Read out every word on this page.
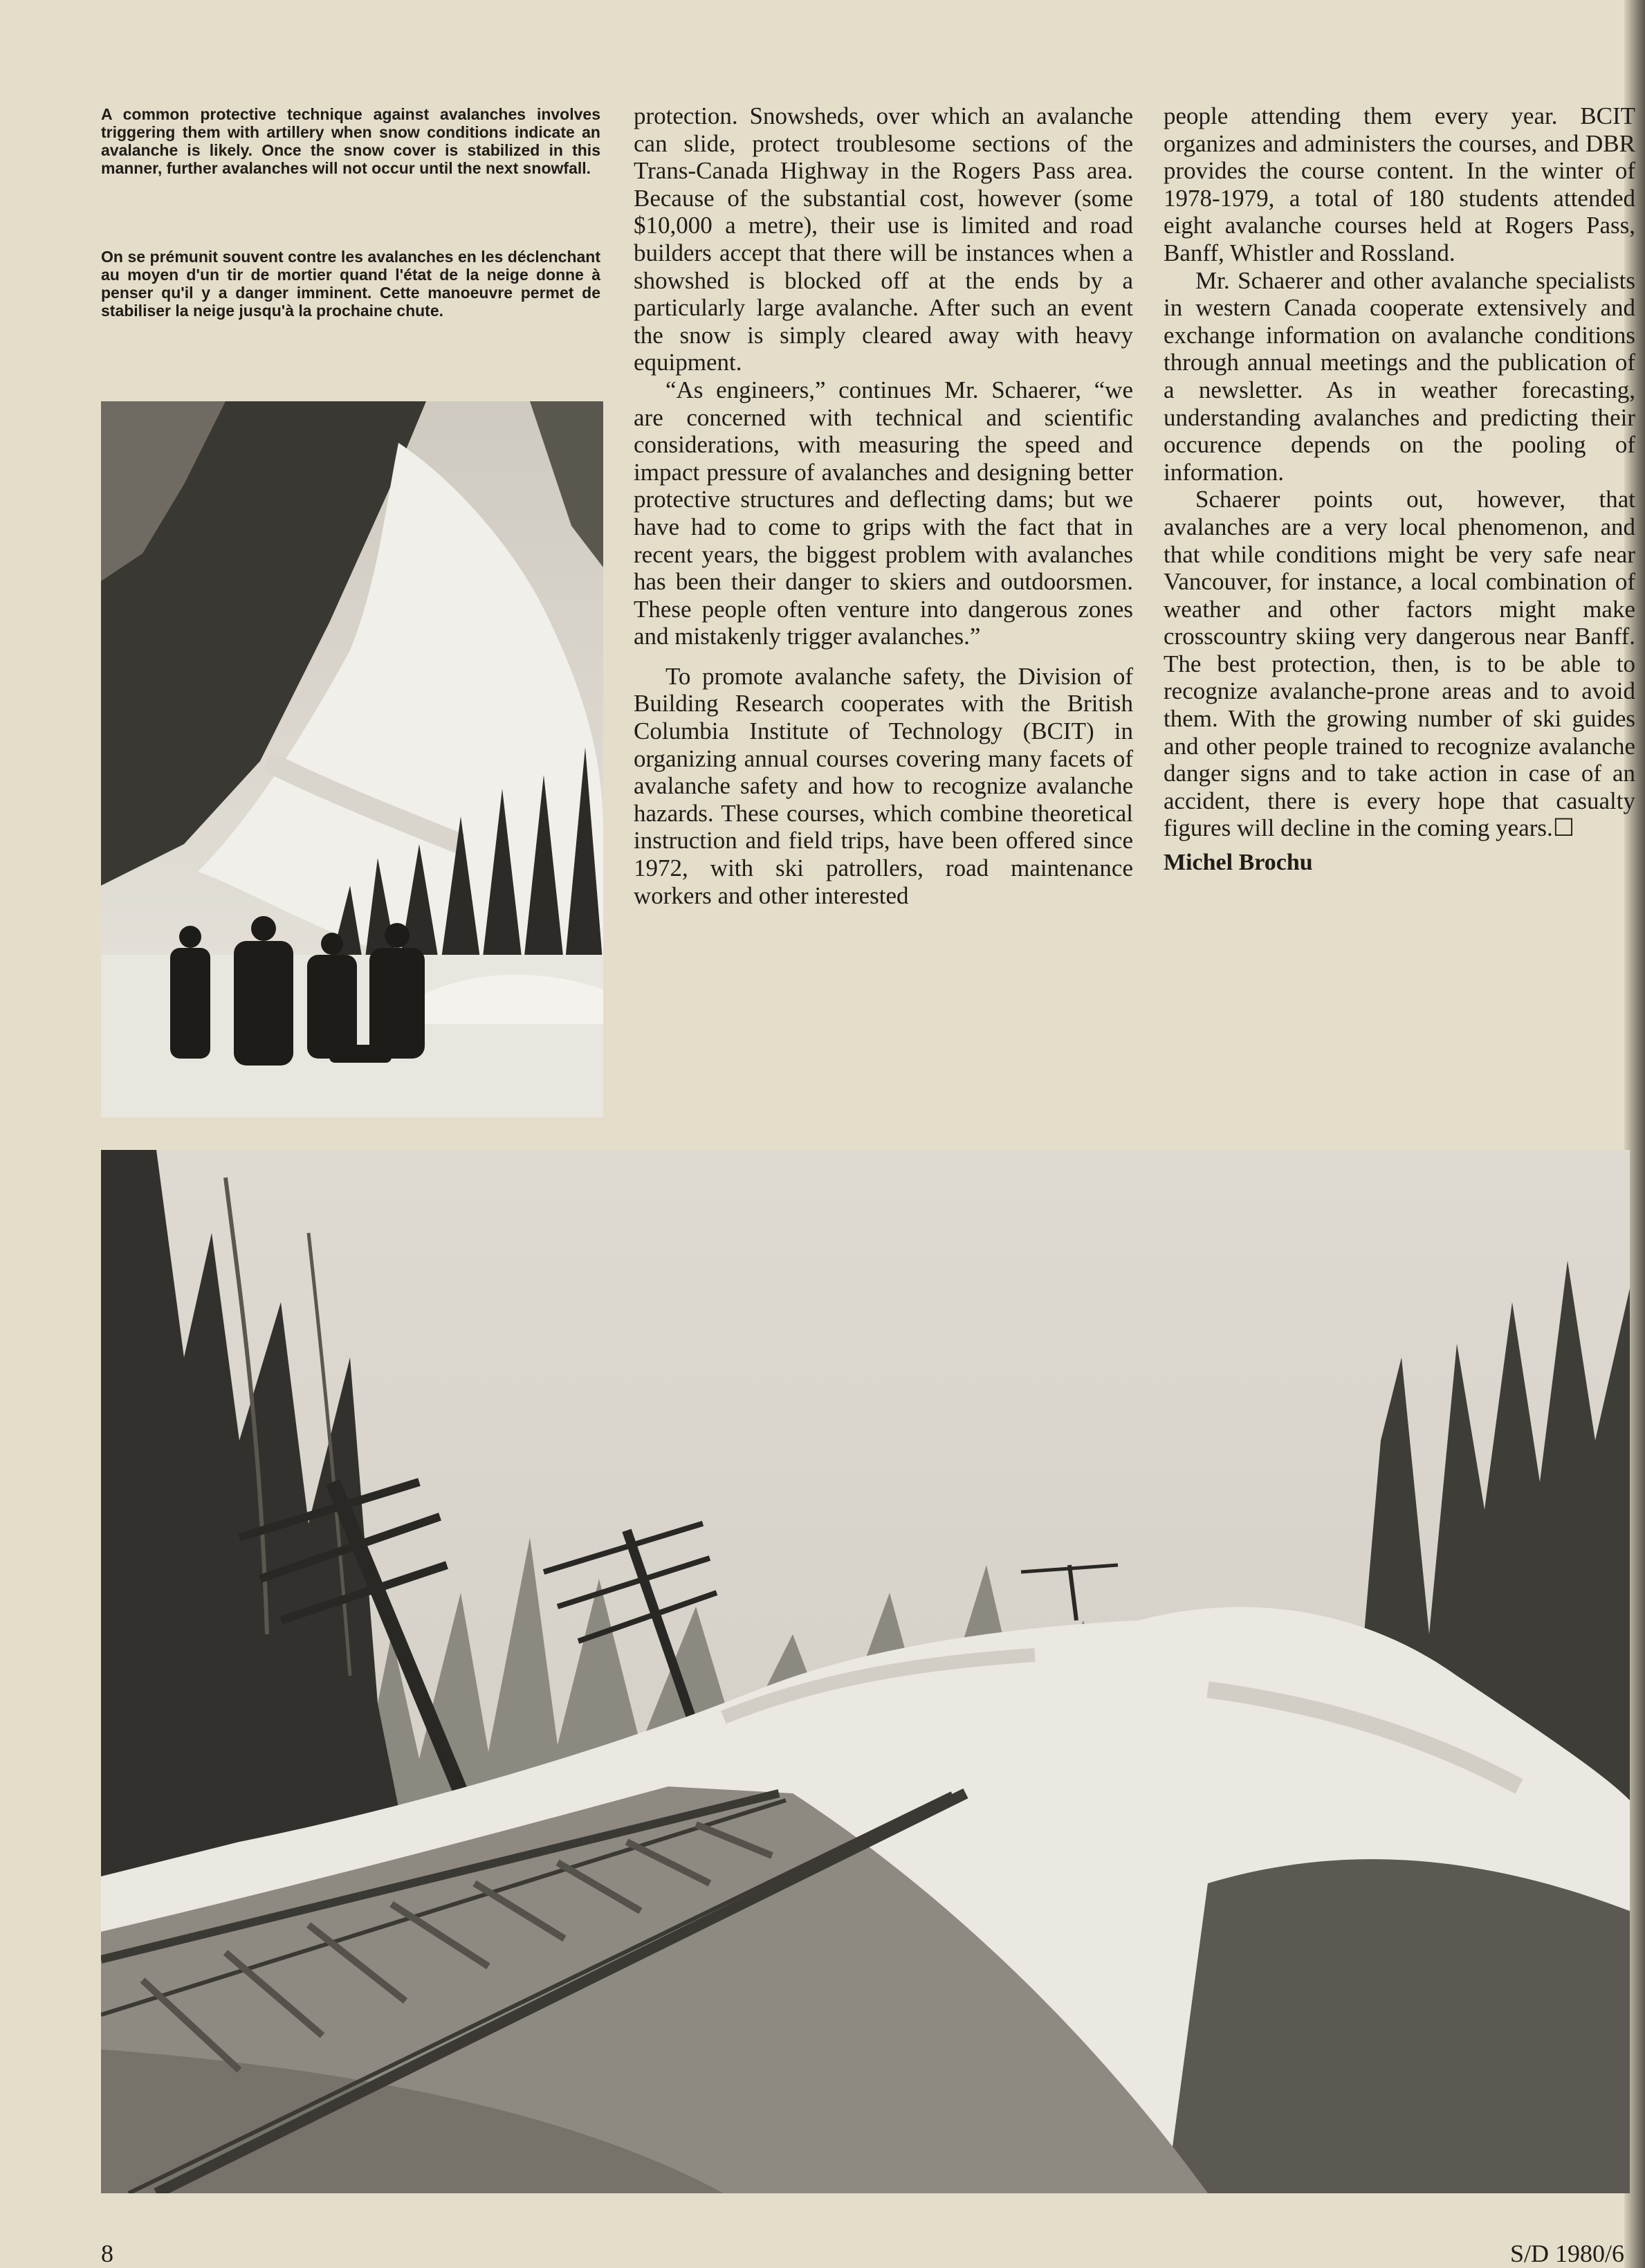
A common protective technique against avalanches involves triggering them with artillery when snow conditions indicate an avalanche is likely. Once the snow cover is stabilized in this manner, further avalanches will not occur until the next snowfall.

On se prémunit souvent contre les avalanches en les déclenchant au moyen d'un tir de mortier quand l'état de la neige donne à penser qu'il y a danger imminent. Cette manoeuvre permet de stabiliser la neige jusqu'à la prochaine chute.

protection. Snowsheds, over which an avalanche can slide, protect troublesome sections of the Trans-Canada Highway in the Rogers Pass area. Because of the substantial cost, however (some $10,000 a metre), their use is limited and road builders accept that there will be instances when a showshed is blocked off at the ends by a particularly large avalanche. After such an event the snow is simply cleared away with heavy equipment.

“As engineers,” continues Mr. Schaerer, “we are concerned with technical and scientific considerations, with measuring the speed and impact pressure of avalanches and designing better protective structures and deflecting dams; but we have had to come to grips with the fact that in recent years, the biggest problem with avalanches has been their danger to skiers and outdoorsmen. These people often venture into dangerous zones and mistakenly trigger avalanches.”

To promote avalanche safety, the Division of Building Research cooperates with the British Columbia Institute of Technology (BCIT) in organizing annual courses covering many facets of avalanche safety and how to recognize avalanche hazards. These courses, which combine theoretical instruction and field trips, have been offered since 1972, with ski patrollers, road maintenance workers and other interested

people attending them every year. BCIT organizes and administers the courses, and DBR provides the course content. In the winter of 1978-1979, a total of 180 students attended eight avalanche courses held at Rogers Pass, Banff, Whistler and Rossland.

Mr. Schaerer and other avalanche specialists in western Canada cooperate extensively and exchange information on avalanche conditions through annual meetings and the publication of a newsletter. As in weather forecasting, understanding avalanches and predicting their occurence depends on the pooling of information.

Schaerer points out, however, that avalanches are a very local phenomenon, and that while conditions might be very safe near Vancouver, for instance, a local combination of weather and other factors might make crosscountry skiing very dangerous near Banff. The best protection, then, is to be able to recognize avalanche-prone areas and to avoid them. With the growing number of ski guides and other people trained to recognize avalanche danger signs and to take action in case of an accident, there is every hope that casualty figures will decline in the coming years.☐

Michel Brochu

8	S/D 1980/6
